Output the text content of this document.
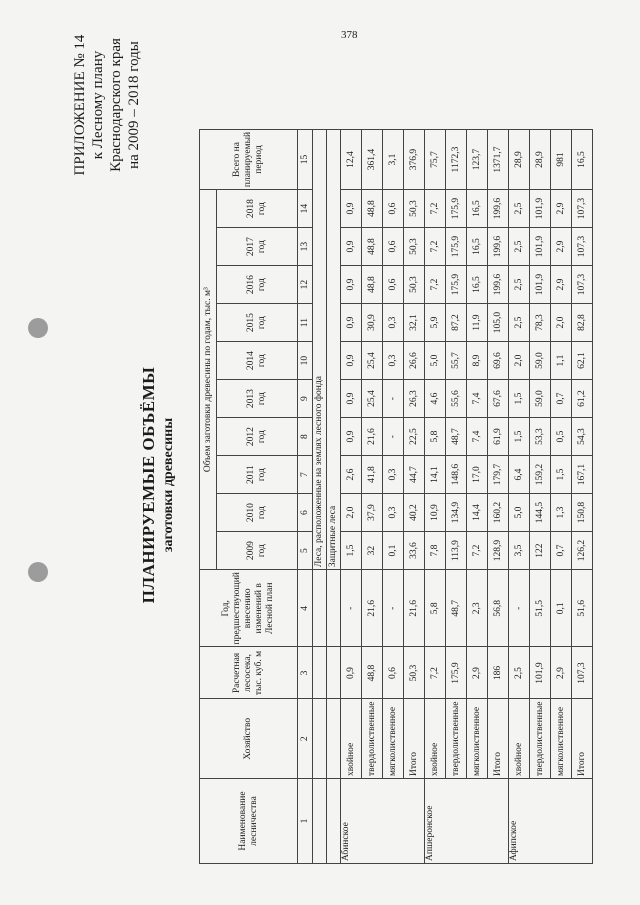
378
ПРИЛОЖЕНИЕ № 14 к Лесному плану Краснодарского края на 2009 – 2018 годы
ПЛАНИРУЕМЫЕ ОБЪЁМЫ заготовки древесины
Наименование лесничества	Хозяйство	Расчетная лесосека, тыс. куб. м	Год, предшествующий внесению изменений в Лесной план	Объем заготовки древесины по годам, тыс. м³										Всего на планируемый период
				2009 год	2010 год	2011 год	2012 год	2013 год	2014 год	2015 год	2016 год	2017 год	2018 год	
1	2	3	4	5	6	7	8	9	10	11	12	13	14	15
				Леса, расположенные на землях лесного фонда										
				Защитные леса										
Абинское	хвойное	0,9	-	1,5	2,0	2,6	0,9	0,9	0,9	0,9	0,9	0,9	0,9	12,4
	твердолиственные	48,8	21,6	32	37,9	41,8	21,6	25,4	25,4	30,9	48,8	48,8	48,8	361,4
	мягколиственное	0,6	-	0,1	0,3	0,3	-	-	0,3	0,3	0,6	0,6	0,6	3,1
	Итого	50,3	21,6	33,6	40,2	44,7	22,5	26,3	26,6	32,1	50,3	50,3	50,3	376,9
Апшеронское	хвойное	7,2	5,8	7,8	10,9	14,1	5,8	4,6	5,0	5,9	7,2	7,2	7,2	75,7
	твердолиственные	175,9	48,7	113,9	134,9	148,6	48,7	55,6	55,7	87,2	175,9	175,9	175,9	1172,3
	мягколиственное	2,9	2,3	7,2	14,4	17,0	7,4	7,4	8,9	11,9	16,5	16,5	16,5	123,7
	Итого	186	56,8	128,9	160,2	179,7	61,9	67,6	69,6	105,0	199,6	199,6	199,6	1371,7
Афипское	хвойное	2,5	-	3,5	5,0	6,4	1,5	1,5	2,0	2,5	2,5	2,5	2,5	28,9
	твердолиственные	101,9	51,5	122	144,5	159,2	53,3	59,0	59,0	78,3	101,9	101,9	101,9	28,9
	мягколиственное	2,9	0,1	0,7	1,3	1,5	0,5	0,7	1,1	2,0	2,9	2,9	2,9	981
	Итого	107,3	51,6	126,2	150,8	167,1	54,3	61,2	62,1	82,8	107,3	107,3	107,3	16,5
